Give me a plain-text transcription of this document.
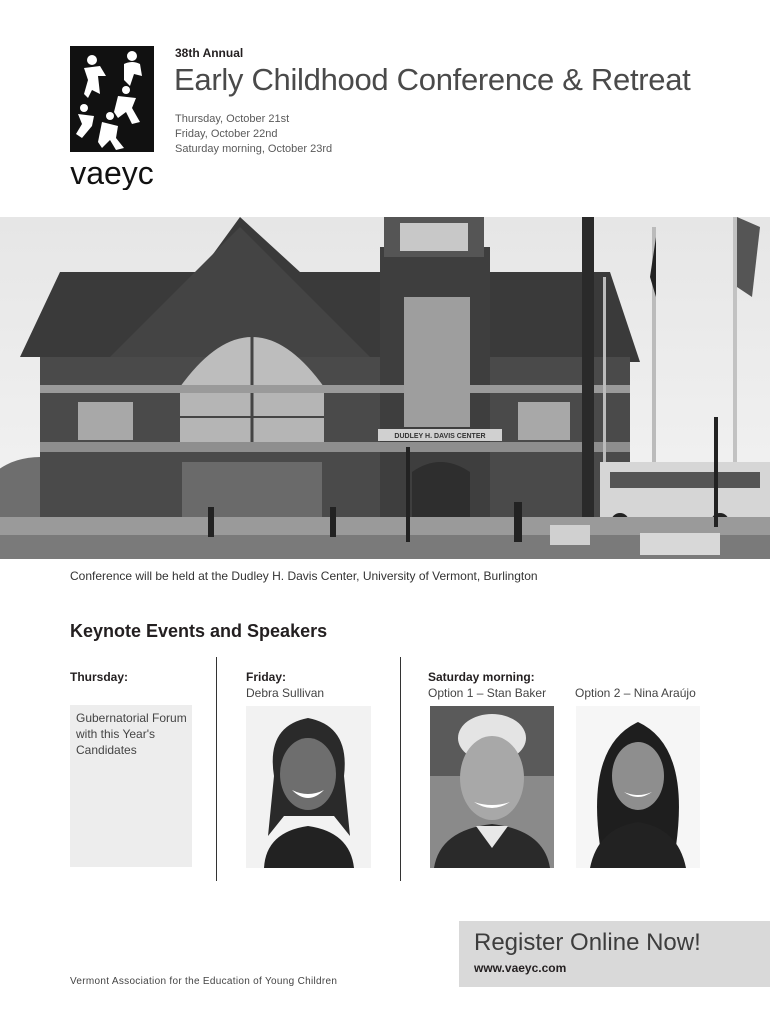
vaeyc
38th Annual
Early Childhood Conference & Retreat
Thursday, October 21st
Friday, October 22nd
Saturday morning, October 23rd
DUDLEY H. DAVIS CENTER
Conference will be held at the Dudley H. Davis Center, University of Vermont, Burlington
Keynote Events and Speakers
Thursday:
Gubernatorial Forum with this Year's Candidates
Friday:
Debra Sullivan
Saturday morning:
Option 1 – Stan Baker Option 2 – Nina Araújo
Register Online Now!
www.vaeyc.com
Vermont Association for the Education of Young Children
